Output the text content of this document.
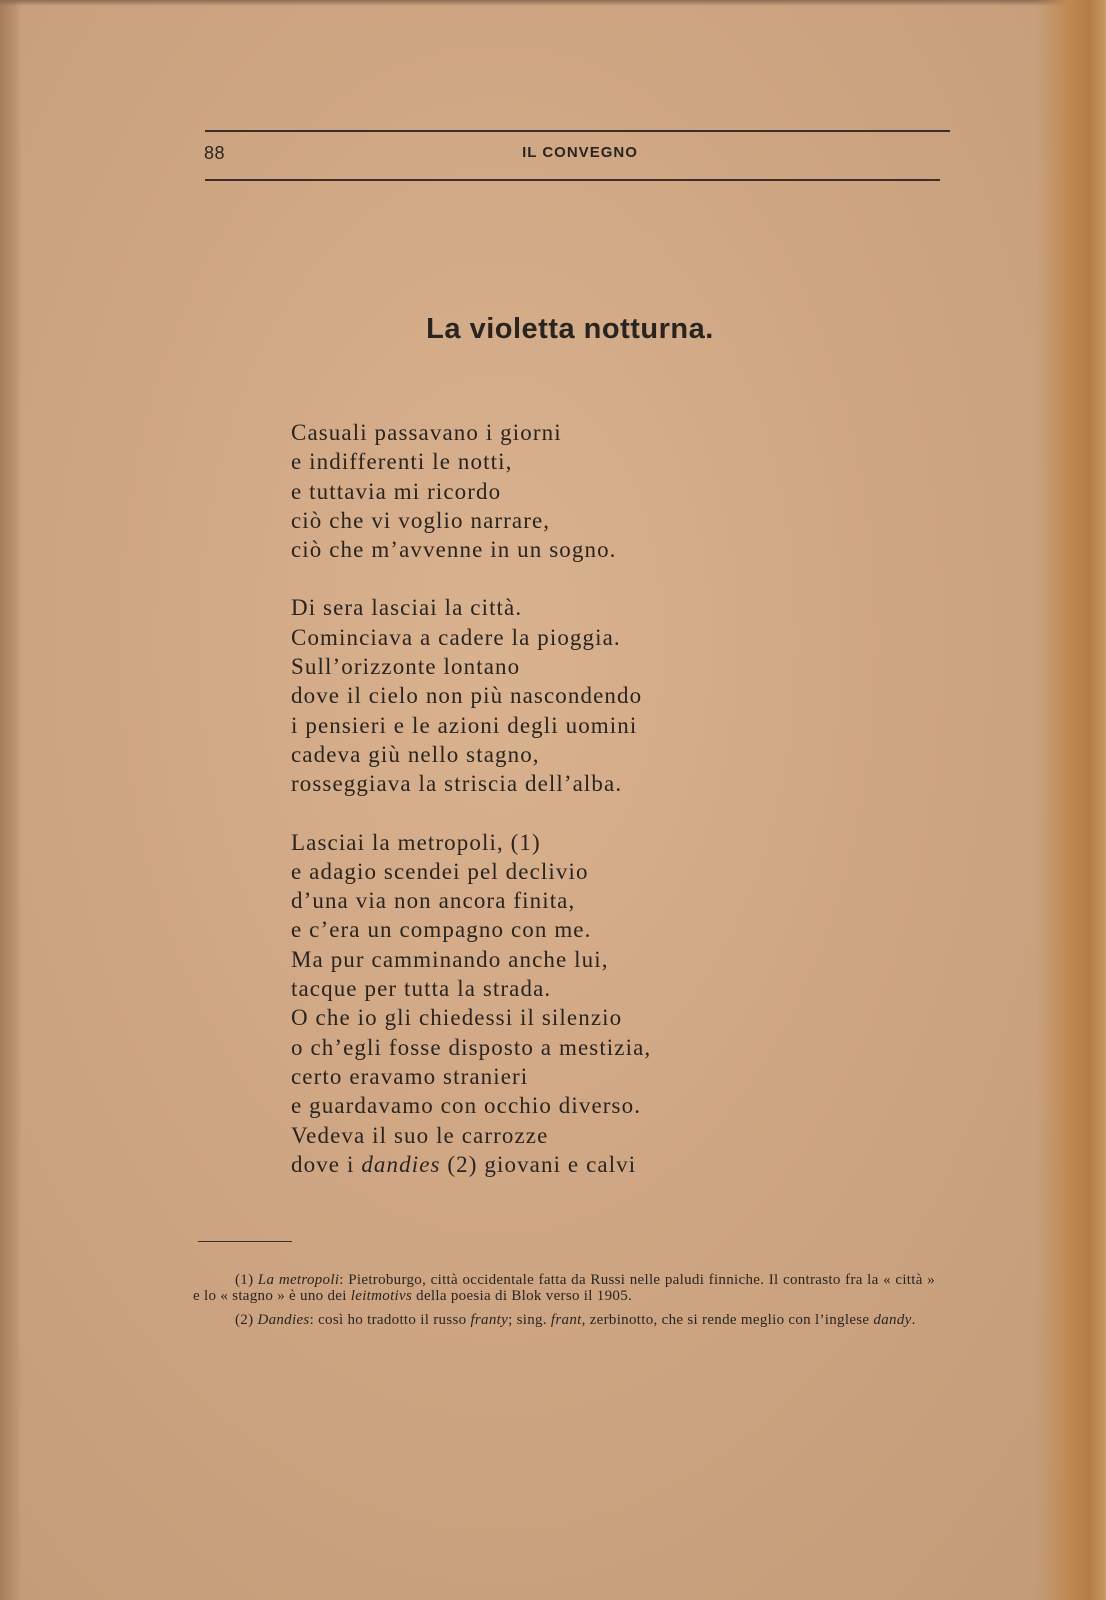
88	IL CONVEGNO
La violetta notturna.
Casuali passavano i giorni
e indifferenti le notti,
e tuttavia mi ricordo
ciò che vi voglio narrare,
ciò che m’avvenne in un sogno.
Di sera lasciai la città.
Cominciava a cadere la pioggia.
Sull’orizzonte lontano
dove il cielo non più nascondendo
i pensieri e le azioni degli uomini
cadeva giù nello stagno,
rosseggiava la striscia dell’alba.
Lasciai la metropoli, (1)
e adagio scendei pel declivio
d’una via non ancora finita,
e c’era un compagno con me.
Ma pur camminando anche lui,
tacque per tutta la strada.
O che io gli chiedessi il silenzio
o ch’egli fosse disposto a mestizia,
certo eravamo stranieri
e guardavamo con occhio diverso.
Vedeva il suo le carrozze
dove i dandies (2) giovani e calvi

(1) La metropoli: Pietroburgo, città occidentale fatta da Russi nelle paludi finniche. Il contrasto fra la « città » e lo « stagno » è uno dei leitmotivs della poesia di Blok verso il 1905.

(2) Dandies: così ho tradotto il russo franty; sing. frant, zerbinotto, che si rende meglio con l’inglese dandy.
